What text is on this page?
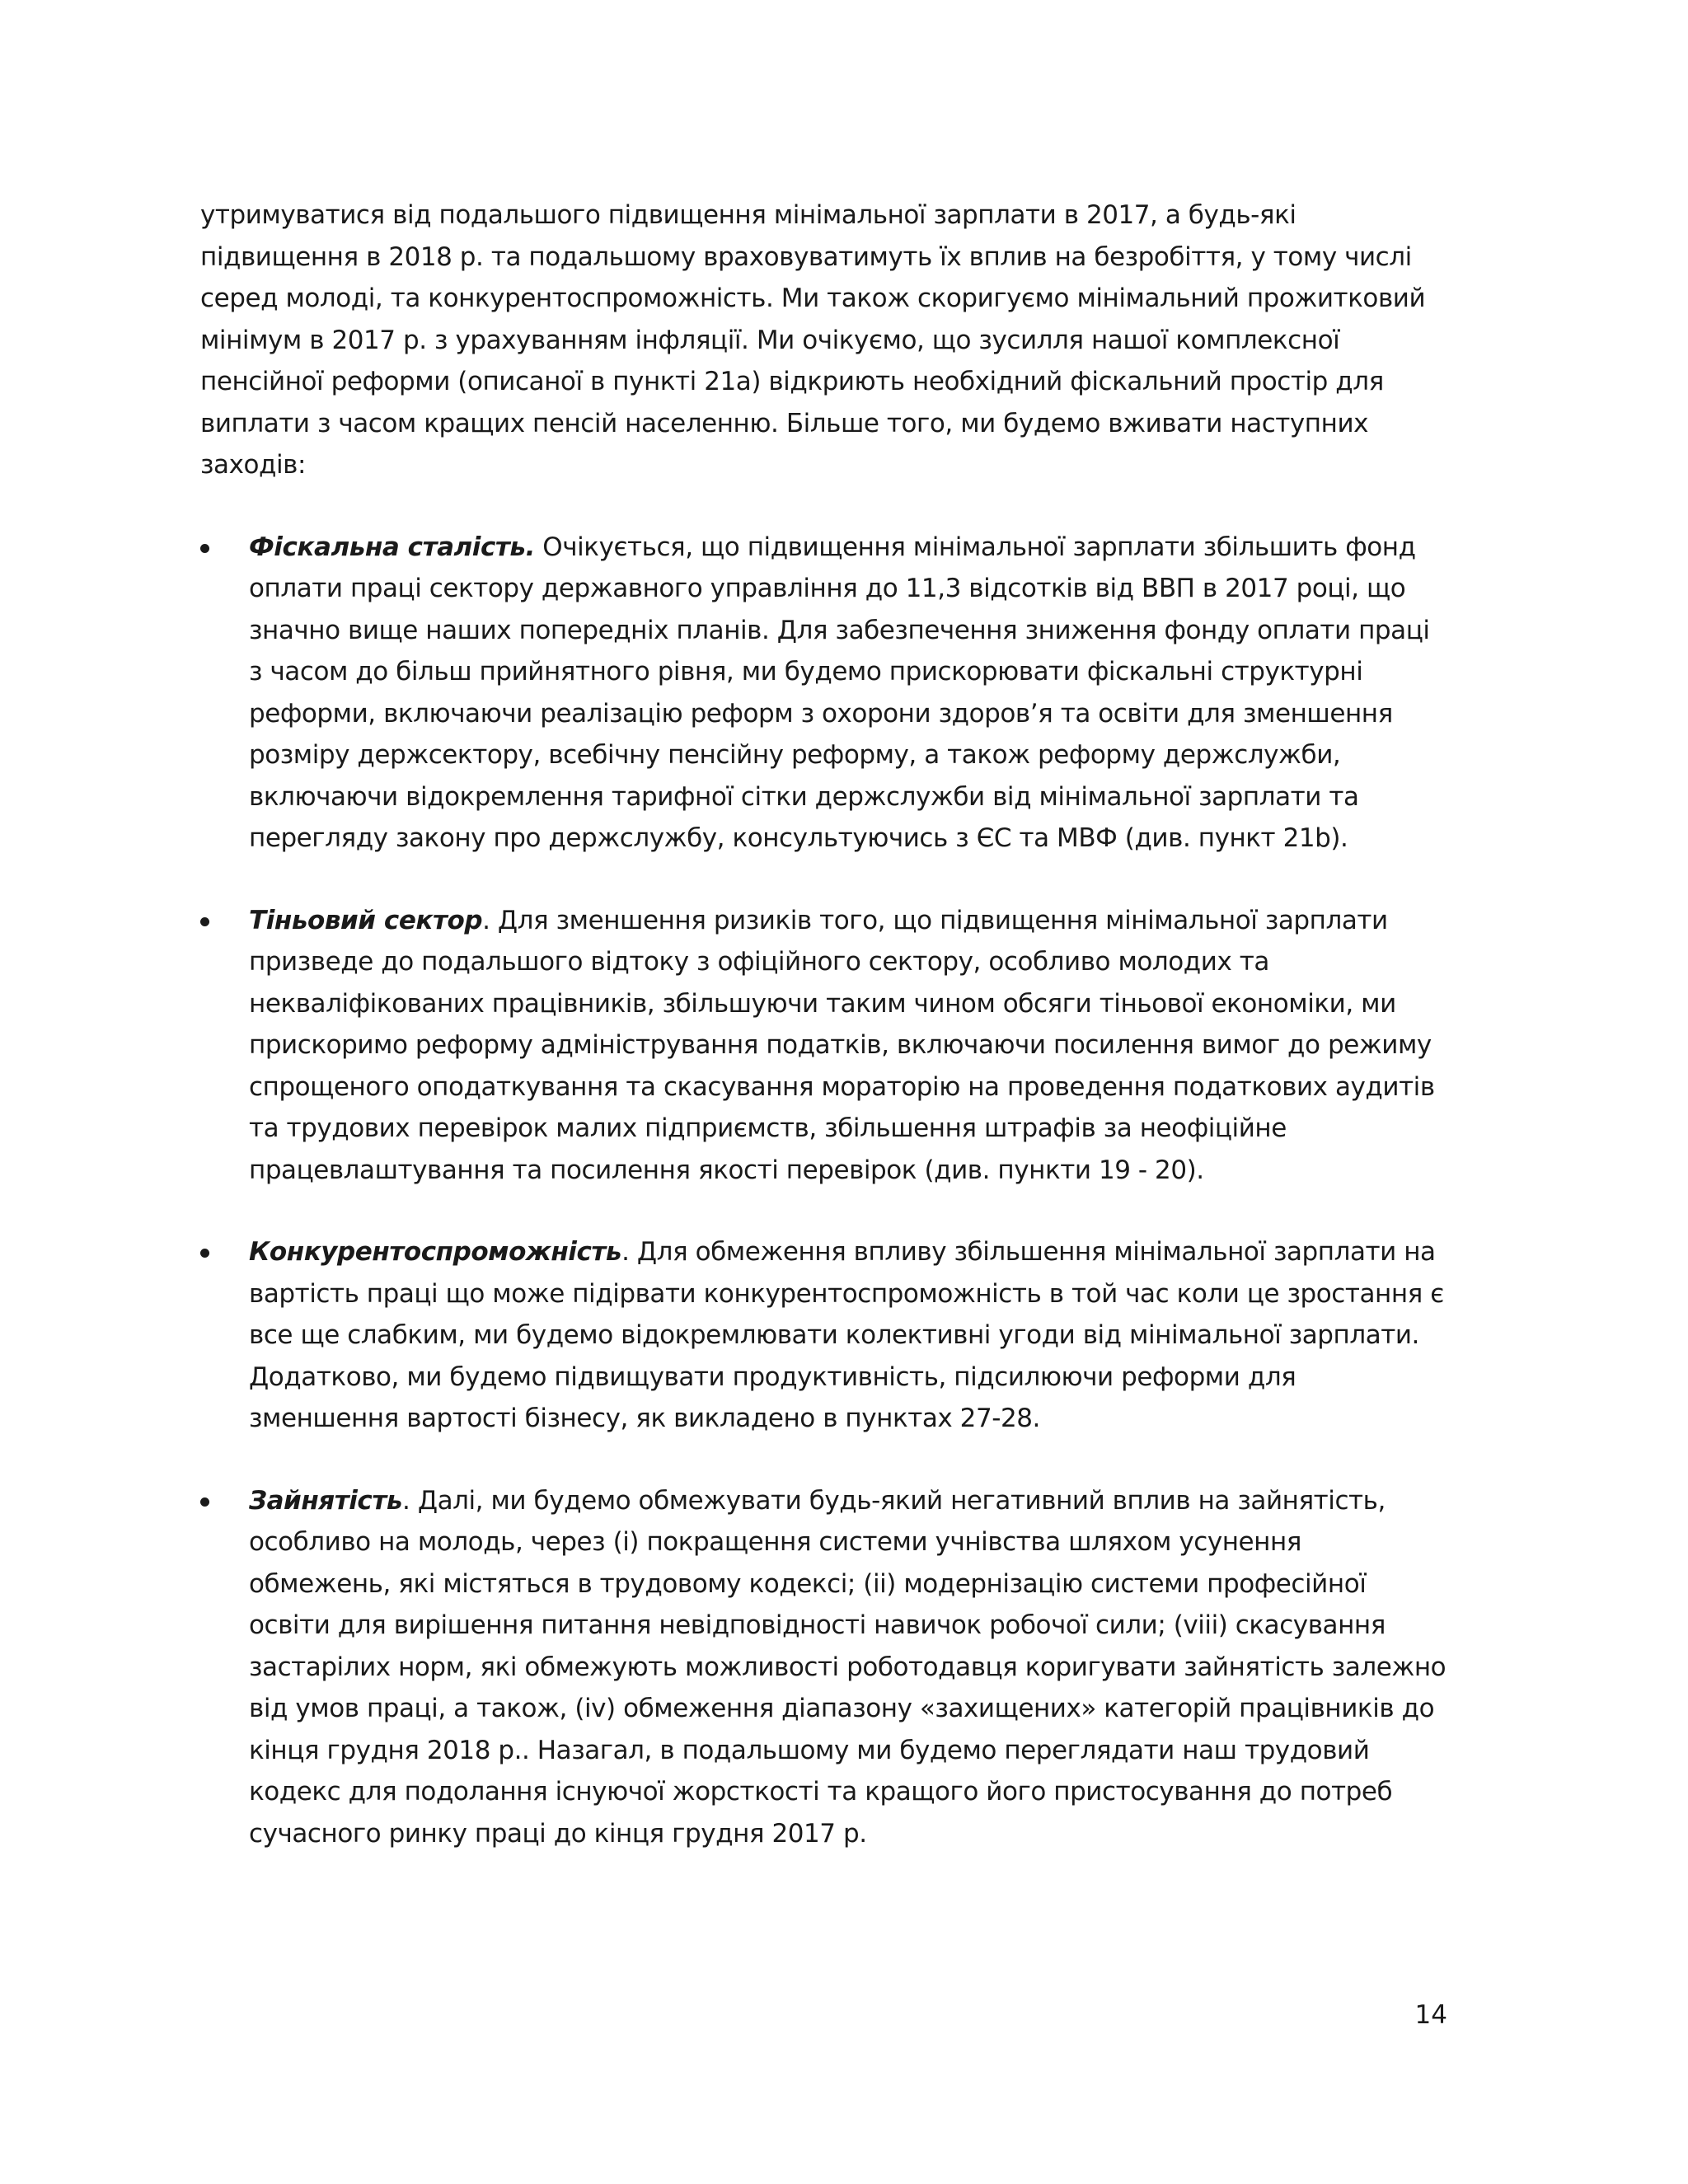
утримуватися від подальшого підвищення мінімальної зарплати в 2017, а будь-які підвищення в 2018 р. та подальшому враховуватимуть їх вплив на безробіття, у тому числі серед молоді, та конкурентоспроможність. Ми також скоригуємо мінімальний прожитковий мінімум в 2017 р. з урахуванням інфляції. Ми очікуємо, що зусилля нашої комплексної пенсійної реформи (описаної в пункті 21a) відкриють необхідний фіскальний простір для виплати з часом кращих пенсій населенню. Більше того, ми будемо вживати наступних заходів:

Фіскальна сталість. Очікується, що підвищення мінімальної зарплати збільшить фонд оплати праці сектору державного управління до 11,3 відсотків від ВВП в 2017 році, що значно вище наших попередніх планів. Для забезпечення зниження фонду оплати праці з часом до більш прийнятного рівня, ми будемо прискорювати фіскальні структурні реформи, включаючи реалізацію реформ з охорони здоров’я та освіти для зменшення розміру держсектору, всебічну пенсійну реформу, а також реформу держслужби, включаючи відокремлення тарифної сітки держслужби від мінімальної зарплати та перегляду закону про держслужбу, консультуючись з ЄС та МВФ (див. пункт 21b).
Тіньовий сектор. Для зменшення ризиків того, що підвищення мінімальної зарплати призведе до подальшого відтоку з офіційного сектору, особливо молодих та некваліфікованих працівників, збільшуючи таким чином обсяги тіньової економіки, ми прискоримо реформу адміністрування податків, включаючи посилення вимог до режиму спрощеного оподаткування та скасування мораторію на проведення податкових аудитів та трудових перевірок малих підприємств, збільшення штрафів за неофіційне працевлаштування та посилення якості перевірок (див. пункти 19 - 20).
Конкурентоспроможність. Для обмеження впливу збільшення мінімальної зарплати на вартість праці що може підірвати конкурентоспроможність в той час коли це зростання є все ще слабким, ми будемо відокремлювати колективні угоди від мінімальної зарплати. Додатково, ми будемо підвищувати продуктивність, підсилюючи реформи для зменшення вартості бізнесу, як викладено в пунктах 27-28.
Зайнятість. Далі, ми будемо обмежувати будь-який негативний вплив на зайнятість, особливо на молодь, через (i) покращення системи учнівства шляхом усунення обмежень, які містяться в трудовому кодексі; (ii) модернізацію системи професійної освіти для вирішення питання невідповідності навичок робочої сили; (viii) скасування застарілих норм, які обмежують можливості роботодавця коригувати зайнятість залежно від умов праці, а також, (iv) обмеження діапазону «захищених» категорій працівників до кінця грудня 2018 р.. Назагал, в подальшому ми будемо переглядати наш трудовий кодекс для подолання існуючої жорсткості та кращого його пристосування до потреб сучасного ринку праці до кінця грудня 2017 р.
14
